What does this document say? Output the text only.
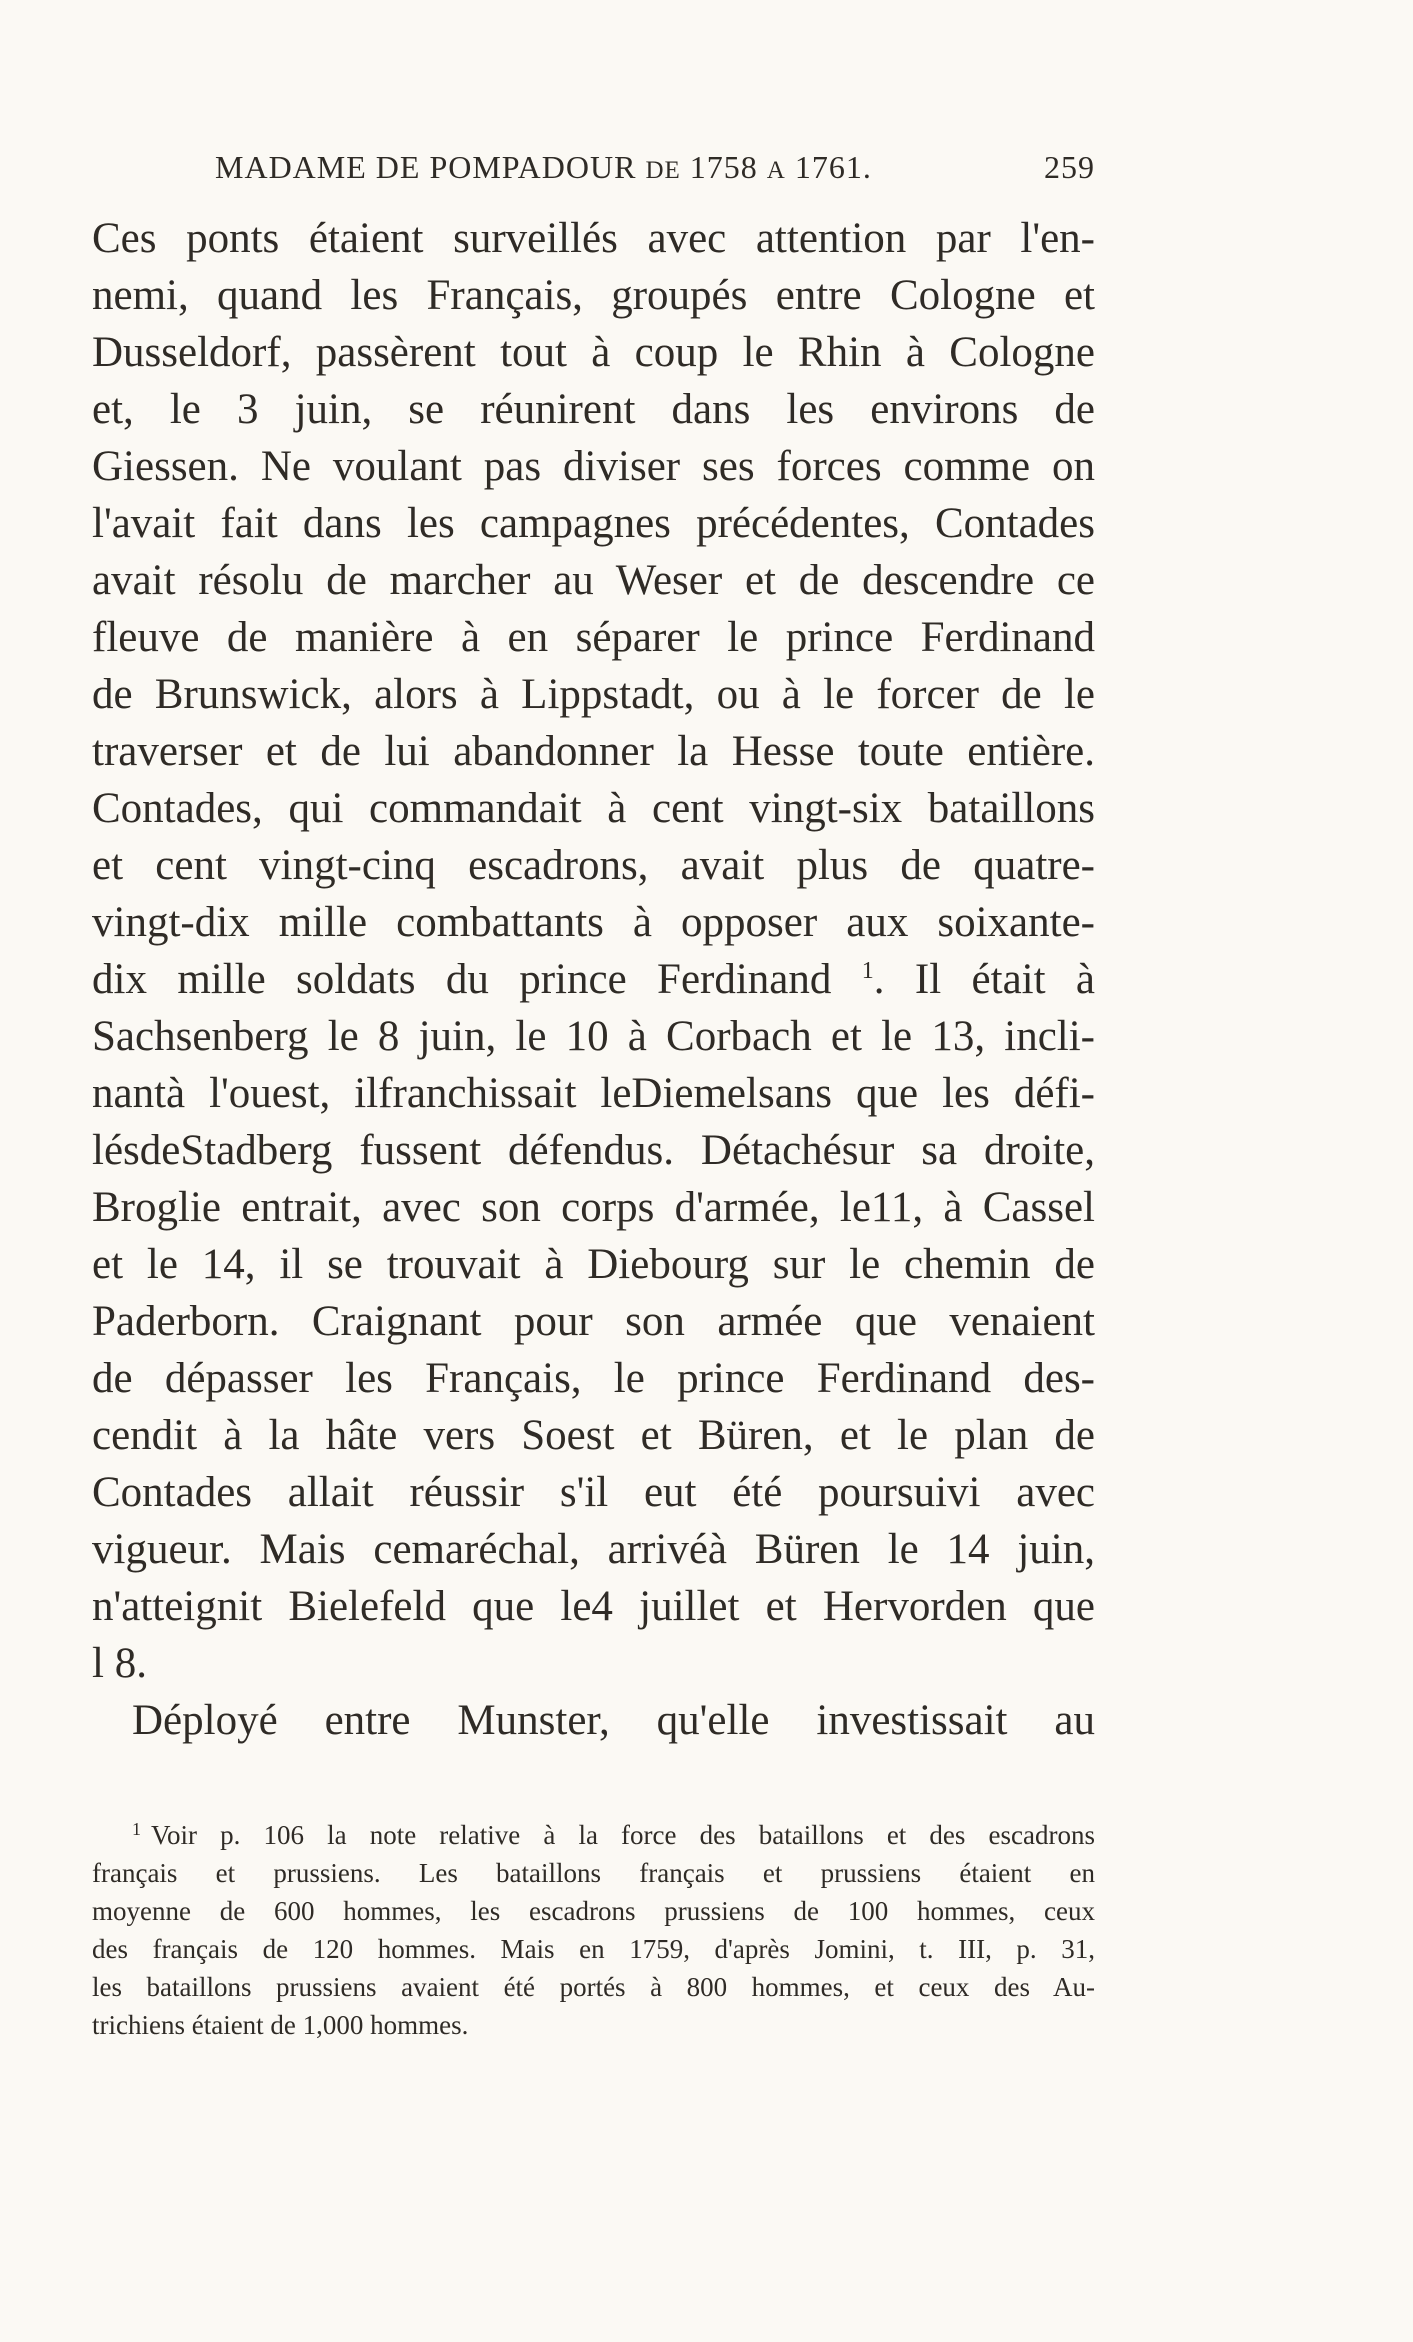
MADAME DE POMPADOUR DE 1758 A 1761.	259
Ces ponts étaient surveillés avec attention par l'en-
nemi, quand les Français, groupés entre Cologne et
Dusseldorf, passèrent tout à coup le Rhin à Cologne
et, le 3 juin, se réunirent dans les environs de
Giessen. Ne voulant pas diviser ses forces comme on
l'avait fait dans les campagnes précédentes, Contades
avait résolu de marcher au Weser et de descendre ce
fleuve de manière à en séparer le prince Ferdinand
de Brunswick, alors à Lippstadt, ou à le forcer de le
traverser et de lui abandonner la Hesse toute entière.
Contades, qui commandait à cent vingt-six bataillons
et cent vingt-cinq escadrons, avait plus de quatre-
vingt-dix mille combattants à opposer aux soixante-
dix mille soldats du prince Ferdinand $^1$. Il était à
Sachsenberg le 8 juin, le 10 à Corbach et le 13, incli-
nantà l'ouest, ilfranchissait leDiemelsans que les défi-
lésdeStadberg fussent défendus. Détachésur sa droite,
Broglie entrait, avec son corps d'armée, le11, à Cassel
et le 14, il se trouvait à Diebourg sur le chemin de
Paderborn. Craignant pour son armée que venaient
de dépasser les Français, le prince Ferdinand des-
cendit à la hâte vers Soest et Büren, et le plan de
Contades allait réussir s'il eut été poursuivi avec
vigueur. Mais cemaréchal, arrivéà Büren le 14 juin,
n'atteignit Bielefeld que le4 juillet et Hervorden que
l 8.
Déployé entre Munster, qu'elle investissait au
$^1$ Voir p. 106 la note relative à la force des bataillons et des escadrons
français et prussiens. Les bataillons français et prussiens étaient en
moyenne de 600 hommes, les escadrons prussiens de 100 hommes, ceux
des français de 120 hommes. Mais en 1759, d'après Jomini, t. III, p. 31,
les bataillons prussiens avaient été portés à 800 hommes, et ceux des Au-
trichiens étaient de 1,000 hommes.
